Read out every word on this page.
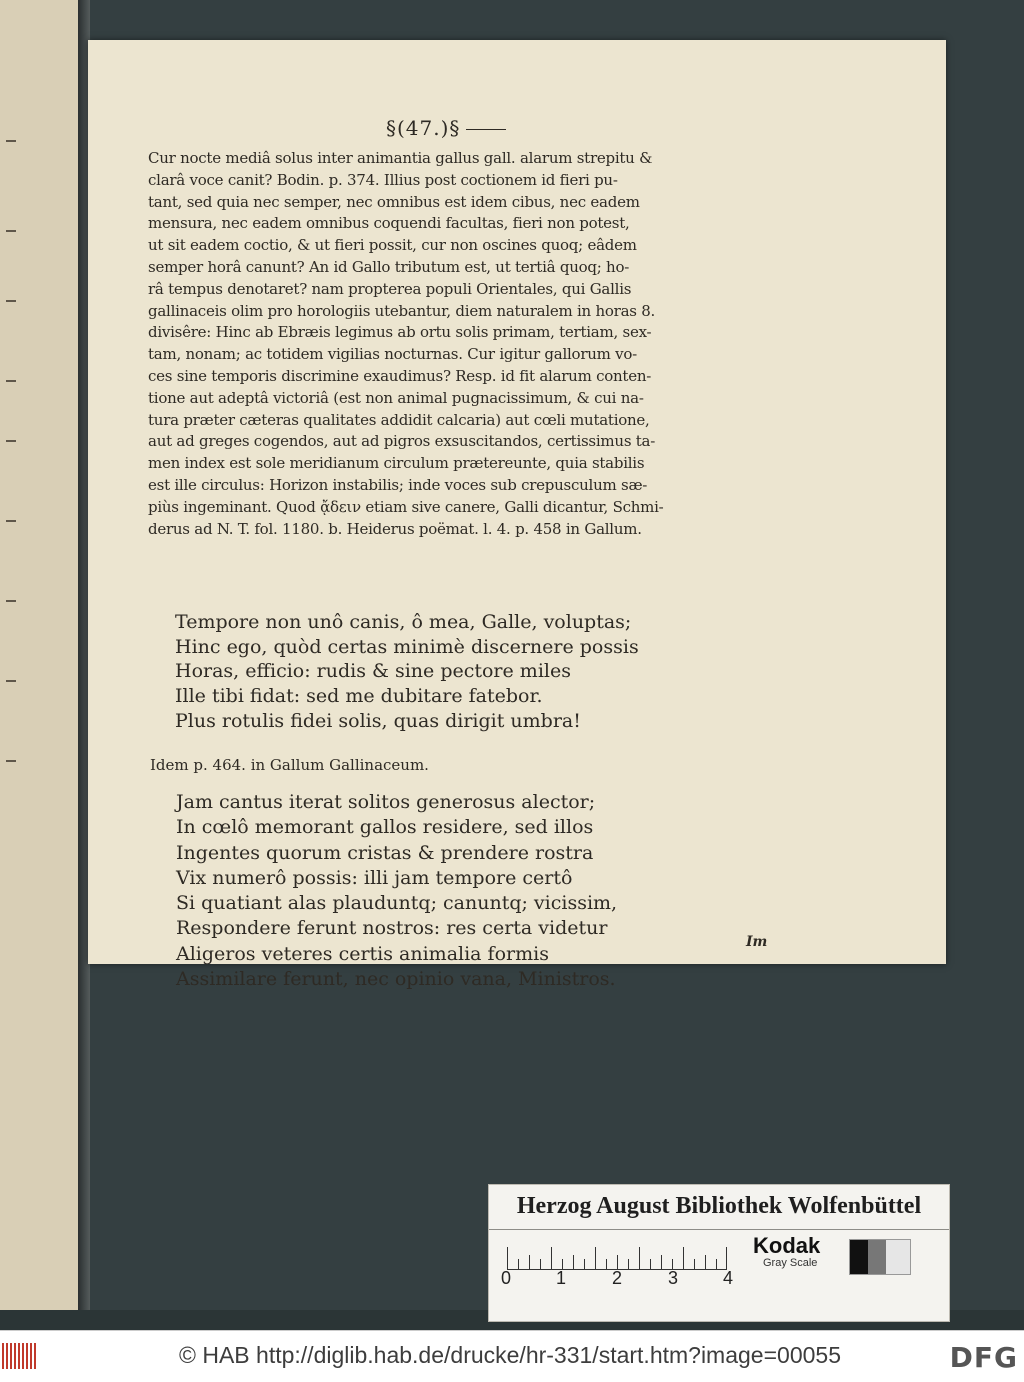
§(47.)§

Cur nocte mediâ solus inter animantia gallus gall. alarum strepitu &

clarâ voce canit? Bodin. p. 374. Illius post coctionem id fieri pu-

tant, sed quia nec semper, nec omnibus est idem cibus, nec eadem

mensura, nec eadem omnibus coquendi facultas, fieri non potest,

ut sit eadem coctio, & ut fieri possit, cur non oscines quoq; eâdem

semper horâ canunt? An id Gallo tributum est, ut tertiâ quoq; ho-

râ tempus denotaret? nam propterea populi Orientales, qui Gallis

gallinaceis olim pro horologiis utebantur, diem naturalem in horas 8.

divisêre: Hinc ab Ebræis legimus ab ortu solis primam, tertiam, sex-

tam, nonam; ac totidem vigilias nocturnas. Cur igitur gallorum vo-

ces sine temporis discrimine exaudimus? Resp. id fit alarum conten-

tione aut adeptâ victoriâ (est non animal pugnacissimum, & cui na-

tura præter cæteras qualitates addidit calcaria) aut cœli mutatione,

aut ad greges cogendos, aut ad pigros exsuscitandos, certissimus ta-

men index est sole meridianum circulum prætereunte, quia stabilis

est ille circulus: Horizon instabilis; inde voces sub crepusculum sæ-

piùs ingeminant. Quod ᾄδειν etiam sive canere, Galli dicantur, Schmi-

derus ad N. T. fol. 1180. b. Heiderus poëmat. l. 4. p. 458 in Gallum.

Tempore non unô canis, ô mea, Galle, voluptas;

Hinc ego, quòd certas minimè discernere possis

Horas, efficio: rudis & sine pectore miles

Ille tibi fidat: sed me dubitare fatebor.

Plus rotulis fidei solis, quas dirigit umbra!

Idem p. 464. in Gallum Gallinaceum.

Jam cantus iterat solitos generosus alector;

In cœlô memorant gallos residere, sed illos

Ingentes quorum cristas & prendere rostra

Vix numerô possis: illi jam tempore certô

Si quatiant alas plauduntq; canuntq; vicissim,

Respondere ferunt nostros: res certa videtur

Aligeros veteres certis animalia formis

Assimilare ferunt, nec opinio vana, Ministros.

Im
Herzog August Bibliothek Wolfenbüttel
Kodak
Gray Scale
0 1	2	3 4
© HAB http://diglib.hab.de/drucke/hr-331/start.htm?image=00055	DFG
